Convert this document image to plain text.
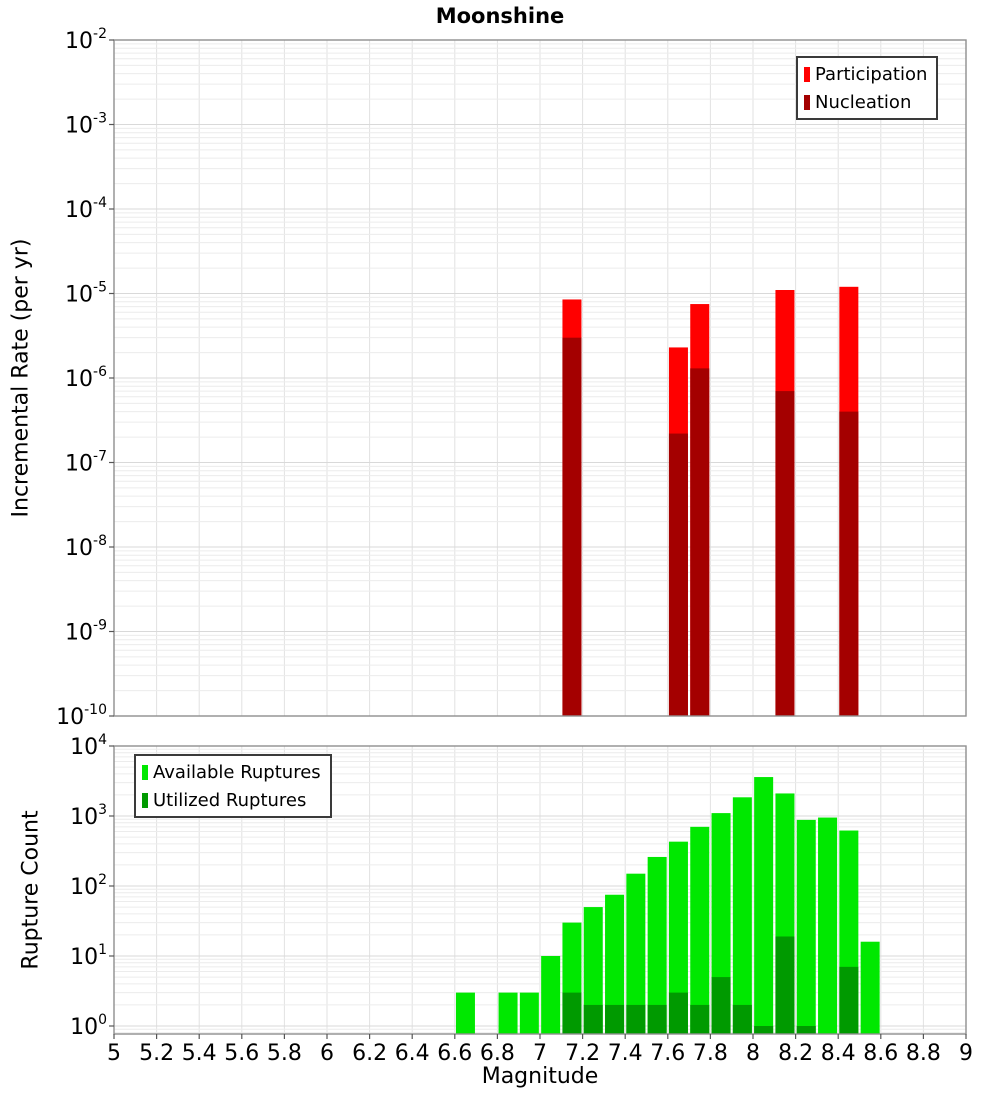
$10^{-2}$
$10^{-3}$
$10^{-4}$
$10^{-5}$
$10^{-6}$
$10^{-7}$
$10^{-8}$
$10^{-9}$
$10^{-10}$
$10^4$
$10^3$
$10^2$
$10^1$
$10^0$
5 5.2 5.4 5.6 5.8 6 6.2 6.4 6.6 6.8 7 7.2 7.4 7.6 7.8 8 8.2 8.4 8.6 8.8 9
Moonshine
Incremental Rate (per yr)
Rupture Count
Magnitude
Participation
Nucleation
Available Ruptures
Utilized Ruptures
